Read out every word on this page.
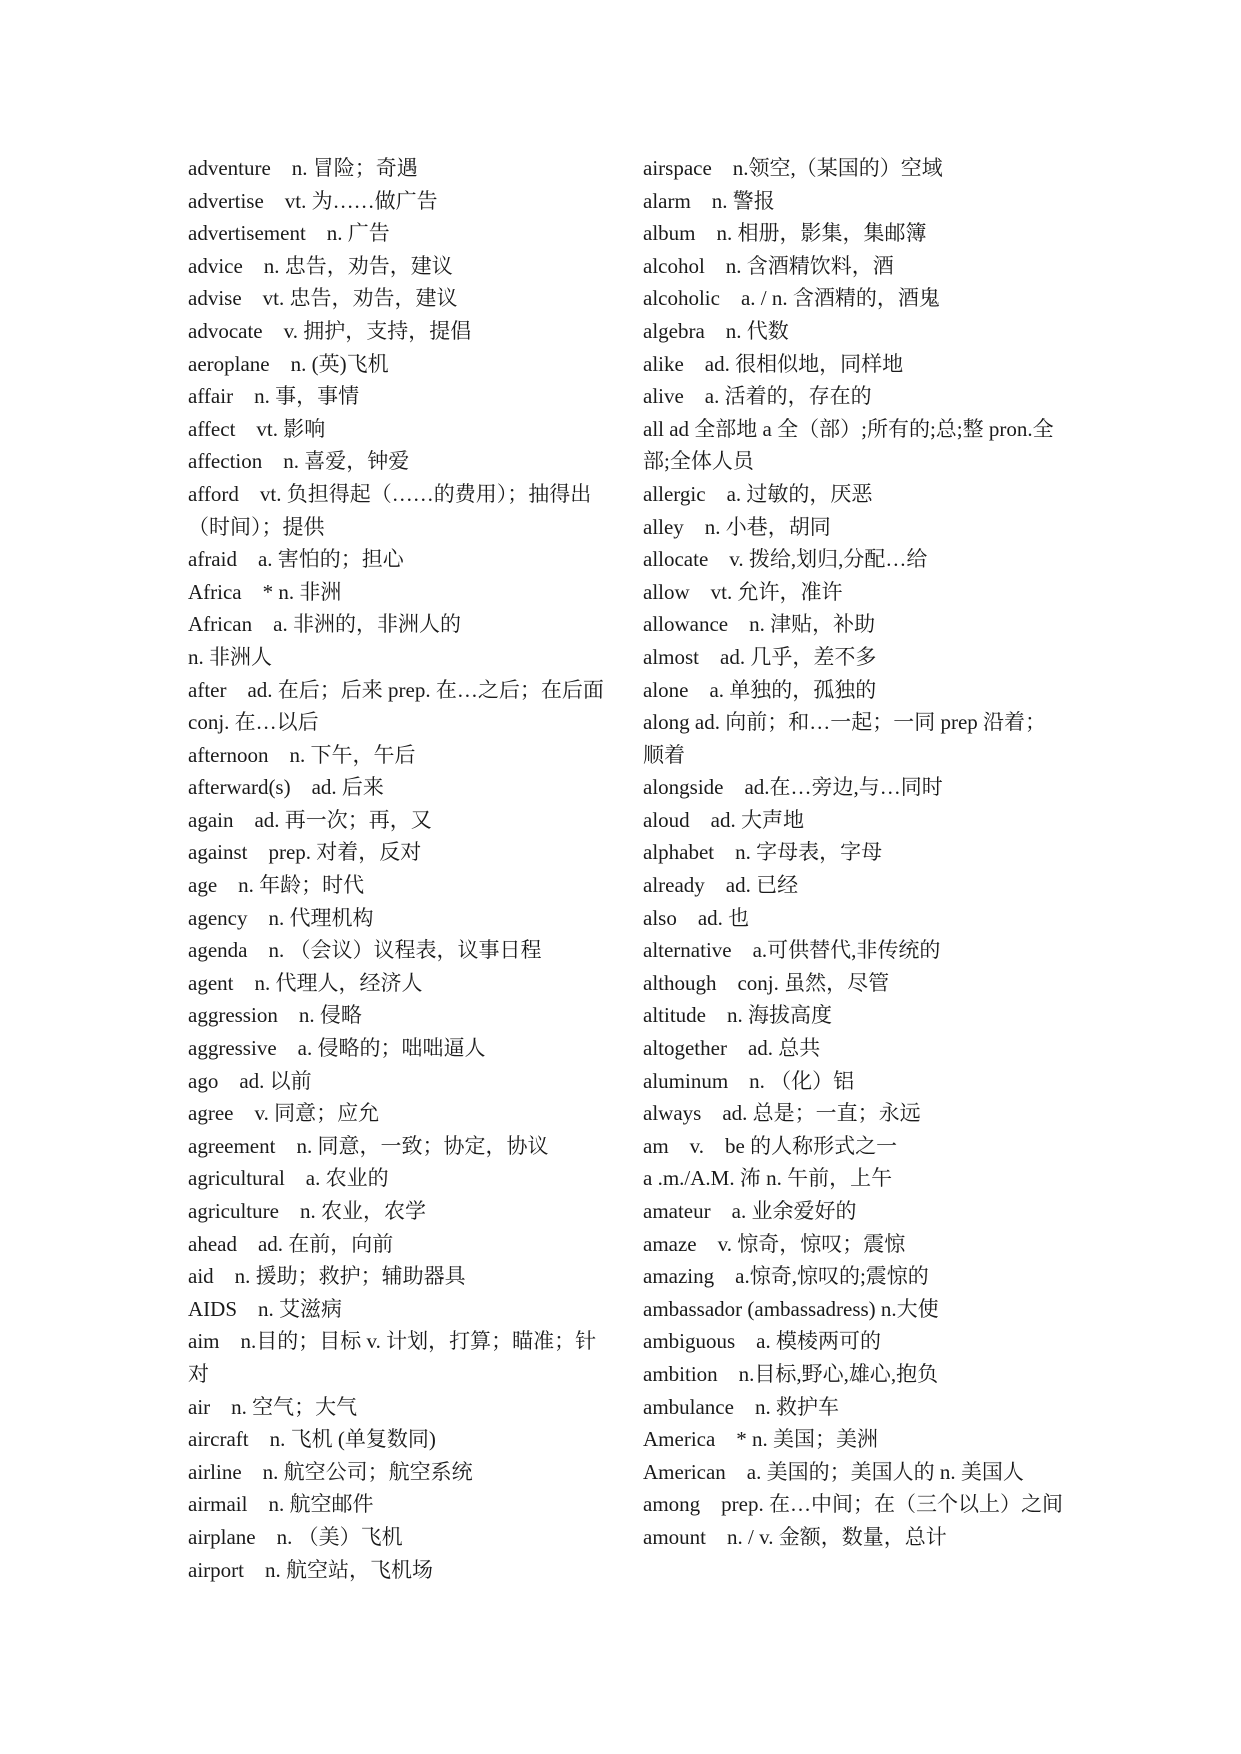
adventure　n. 冒险；奇遇
advertise　vt. 为……做广告
advertisement　n. 广告
advice　n. 忠告，劝告，建议
advise　vt. 忠告，劝告，建议
advocate　v. 拥护，支持，提倡
aeroplane　n. (英)飞机
affair　n. 事，事情
affect　vt. 影响
affection　n. 喜爱，钟爱
afford　vt. 负担得起（……的费用）；抽得出（时间）；提供
afraid　a. 害怕的；担心
Africa　* n. 非洲
African　a. 非洲的，非洲人的
n. 非洲人
after　ad. 在后；后来 prep. 在…之后；在后面 conj. 在…以后
afternoon　n. 下午，午后
afterward(s)　ad. 后来
again　ad. 再一次；再，又
against　prep. 对着，反对
age　n. 年龄；时代
agency　n. 代理机构
agenda　n. （会议）议程表，议事日程
agent　n. 代理人，经济人
aggression　n. 侵略
aggressive　a. 侵略的；咄咄逼人
ago　ad. 以前
agree　v. 同意；应允
agreement　n. 同意，一致；协定，协议
agricultural　a. 农业的
agriculture　n. 农业，农学
ahead　ad. 在前，向前
aid　n. 援助；救护；辅助器具
AIDS　n. 艾滋病
aim　n.目的；目标 v. 计划，打算；瞄准；针对
air　n. 空气；大气
aircraft　n. 飞机 (单复数同)
airline　n. 航空公司；航空系统
airmail　n. 航空邮件
airplane　n. （美）飞机
airport　n. 航空站，飞机场
airspace　n.领空,（某国的）空域
alarm　n. 警报
album　n. 相册，影集，集邮簿
alcohol　n. 含酒精饮料，酒
alcoholic　a. / n. 含酒精的，酒鬼
algebra　n. 代数
alike　ad. 很相似地，同样地
alive　a. 活着的，存在的
all ad 全部地 a 全（部）;所有的;总;整 pron.全部;全体人员
allergic　a. 过敏的，厌恶
alley　n. 小巷，胡同
allocate　v. 拨给,划归,分配…给
allow　vt. 允许，准许
allowance　n. 津贴，补助
almost　ad. 几乎，差不多
alone　a. 单独的，孤独的
along ad. 向前；和…一起；一同 prep 沿着；顺着
alongside　ad.在…旁边,与…同时
aloud　ad. 大声地
alphabet　n. 字母表，字母
already　ad. 已经
also　ad. 也
alternative　a.可供替代,非传统的
although　conj. 虽然，尽管
altitude　n. 海拔高度
altogether　ad. 总共
aluminum　n. （化）铝
always　ad. 总是；一直；永远
am　v.　be 的人称形式之一
a .m./A.M. 㳍 n. 午前，上午
amateur　a. 业余爱好的
amaze　v. 惊奇，惊叹；震惊
amazing　a.惊奇,惊叹的;震惊的
ambassador (ambassadress) n.大使
ambiguous　a. 模棱两可的
ambition　n.目标,野心,雄心,抱负
ambulance　n. 救护车
America　* n. 美国；美洲
American　a. 美国的；美国人的 n. 美国人
among　prep. 在…中间；在（三个以上）之间
amount　n. / v. 金额，数量，总计
